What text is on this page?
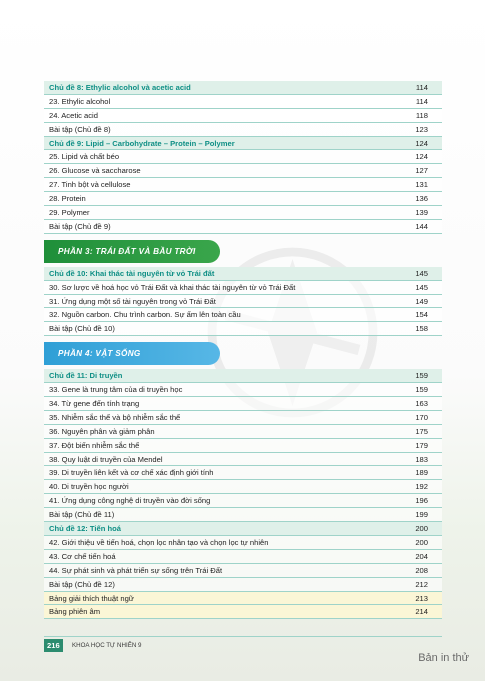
Chủ đề 8: Ethylic alcohol và acetic acid	114
23. Ethylic alcohol	114
24. Acetic acid	118
Bài tập (Chủ đề 8)	123
Chủ đề 9: Lipid – Carbohydrate – Protein – Polymer	124
25. Lipid và chất béo	124
26. Glucose và saccharose	127
27. Tinh bột và cellulose	131
28. Protein	136
29. Polymer	139
Bài tập (Chủ đề 9)	144
PHẦN 3: TRÁI ĐẤT VÀ BẦU TRỜI
Chủ đề 10: Khai thác tài nguyên từ vỏ Trái đất	145
30. Sơ lược về hoá học vỏ Trái Đất và khai thác tài nguyên từ vỏ Trái Đất	145
31. Ứng dụng một số tài nguyên trong vỏ Trái Đất	149
32. Nguồn carbon. Chu trình carbon. Sự ấm lên toàn cầu	154
Bài tập (Chủ đề 10)	158
PHẦN 4: VẬT SỐNG
Chủ đề 11: Di truyền	159
33. Gene là trung tâm của di truyền học	159
34. Từ gene đến tính trạng	163
35. Nhiễm sắc thể và bộ nhiễm sắc thể	170
36. Nguyên phân và giảm phân	175
37. Đột biến nhiễm sắc thể	179
38. Quy luật di truyền của Mendel	183
39. Di truyền liên kết và cơ chế xác định giới tính	189
40. Di truyền học người	192
41. Ứng dụng công nghệ di truyền vào đời sống	196
Bài tập (Chủ đề 11)	199
Chủ đề 12: Tiến hoá	200
42. Giới thiệu về tiến hoá, chọn lọc nhân tạo và chọn lọc tự nhiên	200
43. Cơ chế tiến hoá	204
44. Sự phát sinh và phát triển sự sống trên Trái Đất	208
Bài tập (Chủ đề 12)	212
Bảng giải thích thuật ngữ	213
Bảng phiên âm	214
216	KHOA HỌC TỰ NHIÊN 9
Bản in thử
